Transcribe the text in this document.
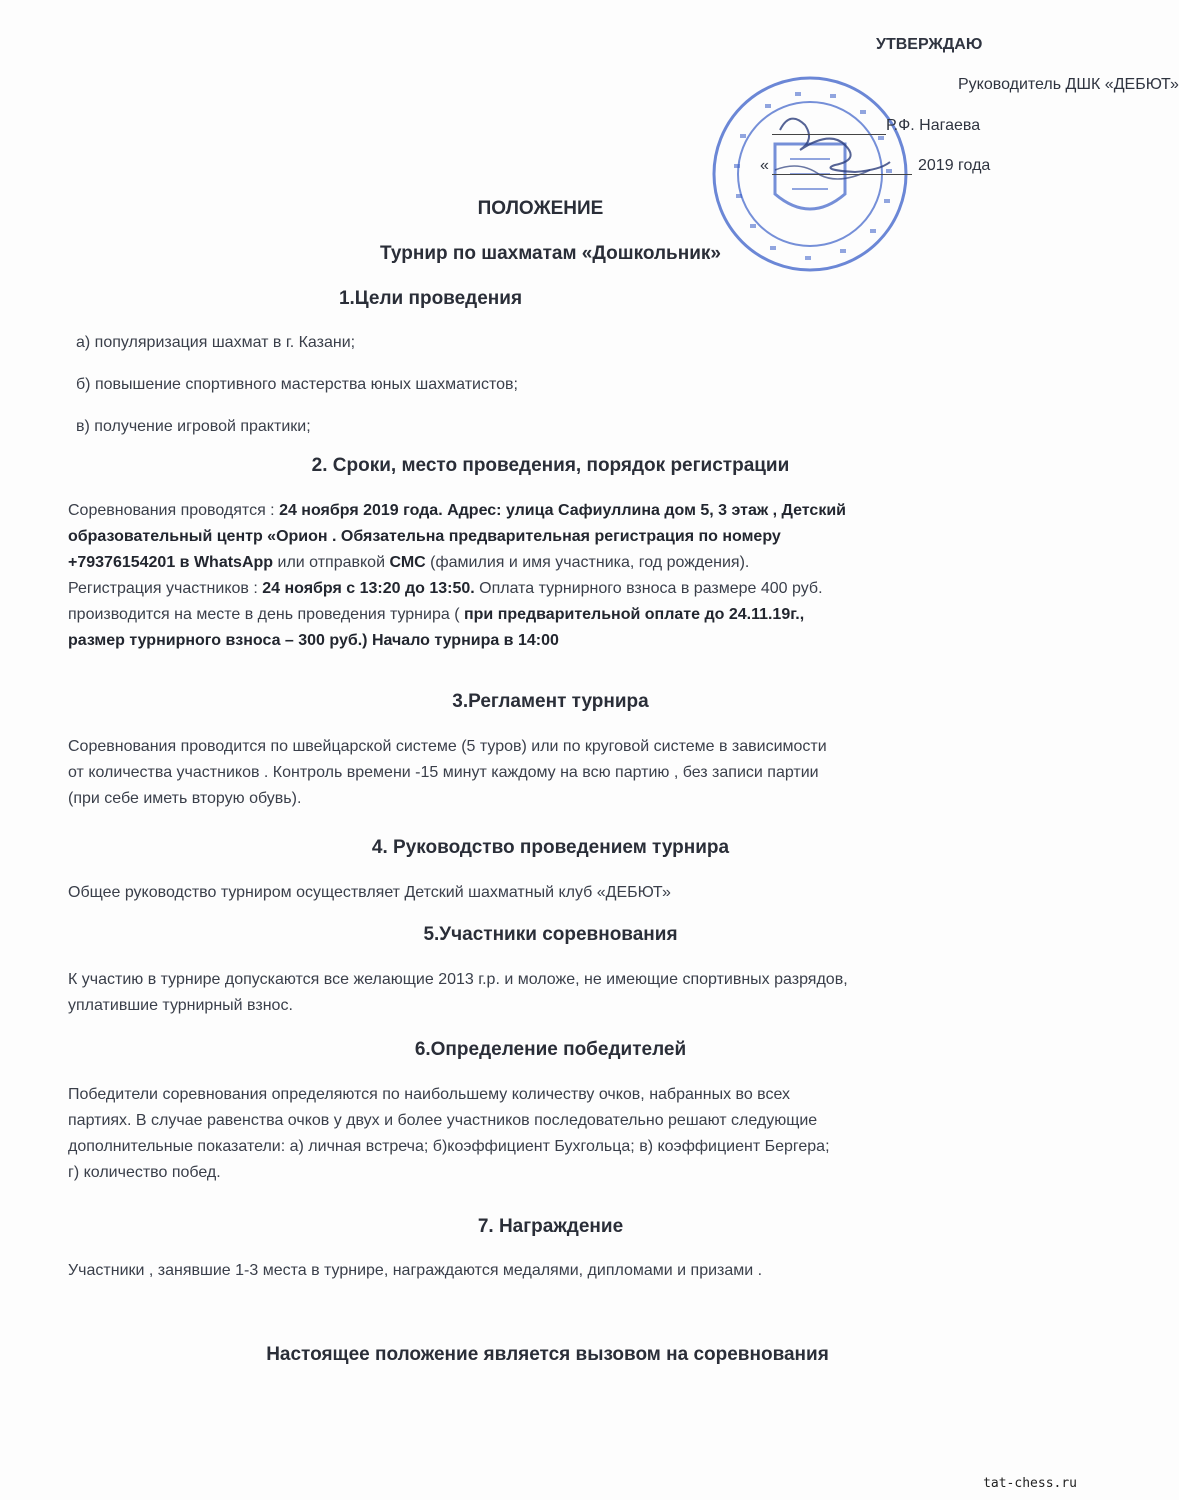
УТВЕРЖДАЮ
Руководитель ДШК «ДЕБЮТ»
Р.Ф. Нагаева
«	2019 года
ПОЛОЖЕНИЕ
Турнир по шахматам «Дошкольник»
1.Цели проведения
а) популяризация шахмат в г. Казани;
б) повышение спортивного мастерства юных шахматистов;
в) получение игровой практики;
2. Сроки, место проведения, порядок регистрации
Соревнования проводятся : 24 ноября 2019 года. Адрес: улица Сафиуллина дом 5, 3 этаж , Детский
образовательный центр «Орион . Обязательна предварительная регистрация по номеру
+79376154201 в WhatsApp или отправкой СМС (фамилия и имя участника, год рождения).
Регистрация участников : 24 ноября с 13:20 до 13:50. Оплата турнирного взноса в размере 400 руб.
производится на месте в день проведения турнира ( при предварительной оплате до 24.11.19г.,
размер турнирного взноса – 300 руб.) Начало турнира в 14:00
3.Регламент турнира
Соревнования проводится по швейцарской системе (5 туров) или по круговой системе в зависимости
от количества участников . Контроль времени -15 минут каждому на всю партию , без записи партии
(при себе иметь вторую обувь).
4. Руководство проведением турнира
Общее руководство турниром осуществляет Детский шахматный клуб «ДЕБЮТ»
5.Участники соревнования
К участию в турнире допускаются все желающие 2013 г.р. и моложе, не имеющие спортивных разрядов,
уплатившие турнирный взнос.
6.Определение победителей
Победители соревнования определяются по наибольшему количеству очков, набранных во всех
партиях. В случае равенства очков у двух и более участников последовательно решают следующие
дополнительные показатели: а) личная встреча; б)коэффициент Бухгольца; в) коэффициент Бергера;
г) количество побед.
7. Награждение
Участники , занявшие 1-3 места в турнире, награждаются медалями, дипломами и призами .
Настоящее положение является вызовом на соревнования
tat-chess.ru
